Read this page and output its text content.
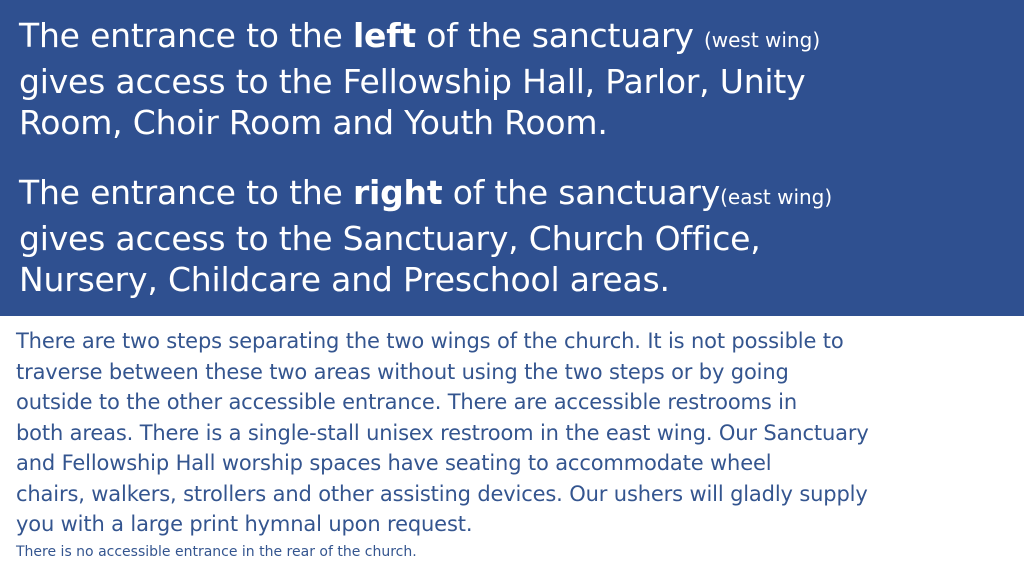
The entrance to the left of the sanctuary (west wing)
gives access to the Fellowship Hall, Parlor, Unity
Room, Choir Room and Youth Room.
The entrance to the right of the sanctuary(east wing)
gives access to the Sanctuary, Church Office,
Nursery, Childcare and Preschool areas.
There are two steps separating the two wings of the church. It is not possible to
traverse between these two areas without using the two steps or by going
outside to the other accessible entrance. There are accessible restrooms in
both areas. There is a single-stall unisex restroom in the east wing. Our Sanctuary
and Fellowship Hall worship spaces have seating to accommodate wheel
chairs, walkers, strollers and other assisting devices. Our ushers will gladly supply
you with a large print hymnal upon request.
There is no accessible entrance in the rear of the church.
